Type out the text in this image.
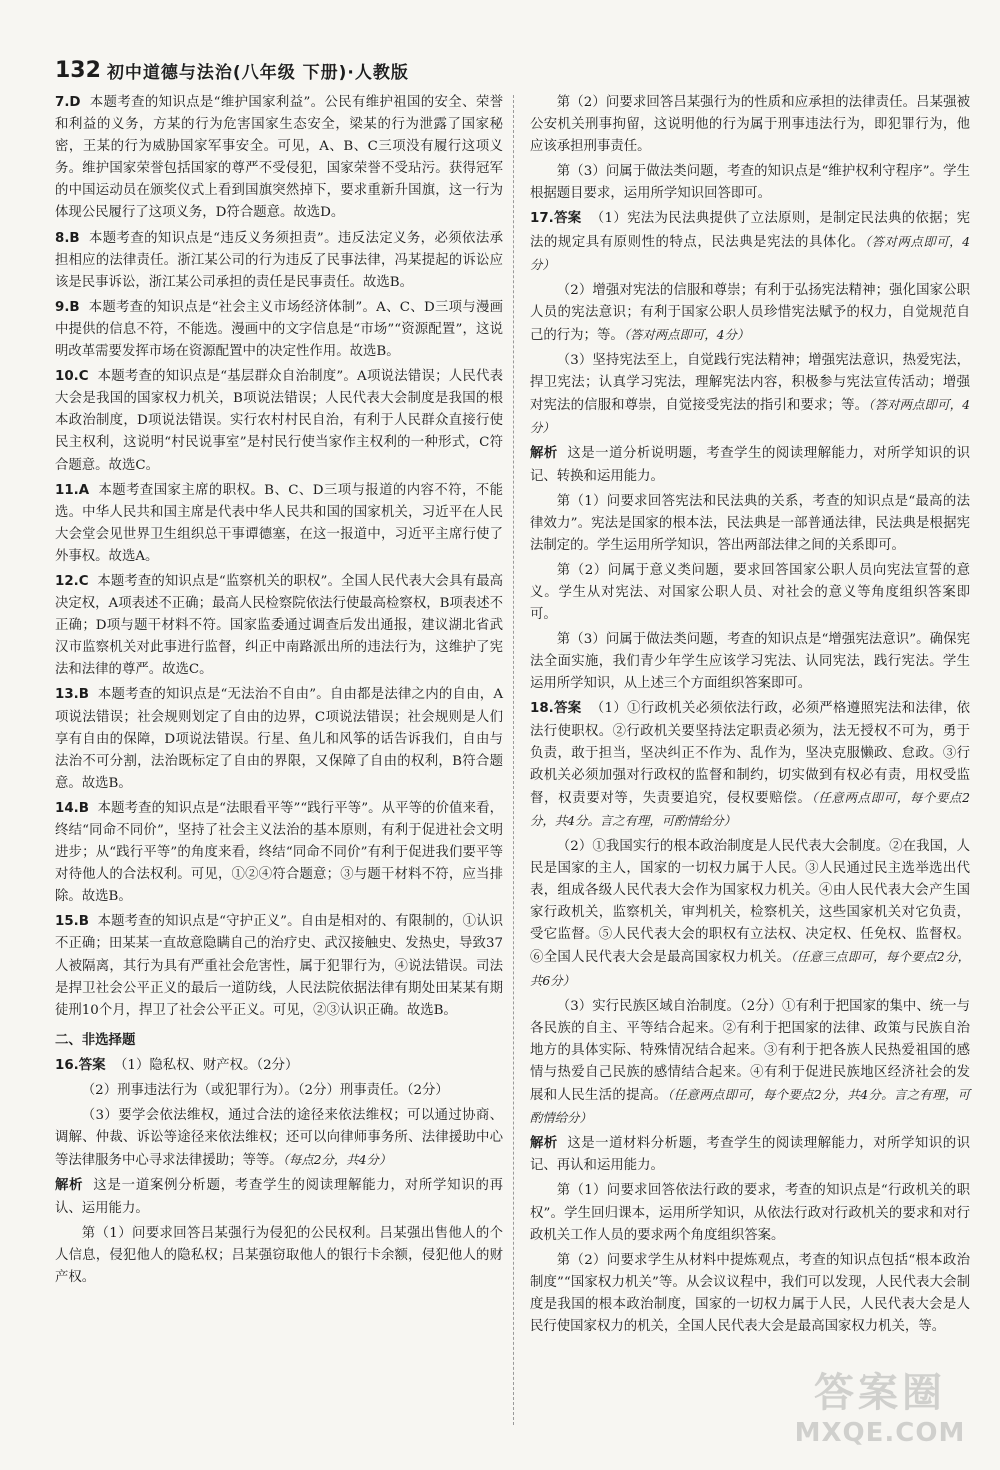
132 初中道德与法治(八年级 下册)·人教版

7.D 本题考查的知识点是“维护国家利益”。公民有维护祖国的安全、荣誉和利益的义务，方某的行为危害国家生态安全，梁某的行为泄露了国家秘密，王某的行为威胁国家军事安全。可见，A、B、C三项没有履行这项义务。维护国家荣誉包括国家的尊严不受侵犯，国家荣誉不受玷污。获得冠军的中国运动员在颁奖仪式上看到国旗突然掉下，要求重新升国旗，这一行为体现公民履行了这项义务，D符合题意。故选D。

8.B 本题考查的知识点是“违反义务须担责”。违反法定义务，必须依法承担相应的法律责任。浙江某公司的行为违反了民事法律，冯某提起的诉讼应该是民事诉讼，浙江某公司承担的责任是民事责任。故选B。

9.B 本题考查的知识点是“社会主义市场经济体制”。A、C、D三项与漫画中提供的信息不符，不能选。漫画中的文字信息是“市场”“资源配置”，这说明改革需要发挥市场在资源配置中的决定性作用。故选B。

10.C 本题考查的知识点是“基层群众自治制度”。A项说法错误；人民代表大会是我国的国家权力机关，B项说法错误；人民代表大会制度是我国的根本政治制度，D项说法错误。实行农村村民自治，有利于人民群众直接行使民主权利，这说明“村民说事室”是村民行使当家作主权利的一种形式，C符合题意。故选C。

11.A 本题考查国家主席的职权。B、C、D三项与报道的内容不符，不能选。中华人民共和国主席是代表中华人民共和国的国家机关，习近平在人民大会堂会见世界卫生组织总干事谭德塞，在这一报道中，习近平主席行使了外事权。故选A。

12.C 本题考查的知识点是“监察机关的职权”。全国人民代表大会具有最高决定权，A项表述不正确；最高人民检察院依法行使最高检察权，B项表述不正确；D项与题干材料不符。国家监委通过调查后发出通报，建议湖北省武汉市监察机关对此事进行监督，纠正中南路派出所的违法行为，这维护了宪法和法律的尊严。故选C。

13.B 本题考查的知识点是“无法治不自由”。自由都是法律之内的自由，A项说法错误；社会规则划定了自由的边界，C项说法错误；社会规则是人们享有自由的保障，D项说法错误。行星、鱼儿和风筝的话告诉我们，自由与法治不可分割，法治既标定了自由的界限，又保障了自由的权利，B符合题意。故选B。

14.B 本题考查的知识点是“法眼看平等”“践行平等”。从平等的价值来看，终结“同命不同价”，坚持了社会主义法治的基本原则，有利于促进社会文明进步；从“践行平等”的角度来看，终结“同命不同价”有利于促进我们要平等对待他人的合法权利。可见，①②④符合题意；③与题干材料不符，应当排除。故选B。

15.B 本题考查的知识点是“守护正义”。自由是相对的、有限制的，①认识不正确；田某某一直故意隐瞒自己的治疗史、武汉接触史、发热史，导致37人被隔离，其行为具有严重社会危害性，属于犯罪行为，④说法错误。司法是捍卫社会公平正义的最后一道防线，人民法院依据法律有期处田某某有期徒刑10个月，捍卫了社会公平正义。可见，②③认识正确。故选B。

二、非选择题

16.答案 （1）隐私权、财产权。（2分）

（2）刑事违法行为（或犯罪行为）。（2分）刑事责任。（2分）

（3）要学会依法维权，通过合法的途径来依法维权；可以通过协商、调解、仲裁、诉讼等途径来依法维权；还可以向律师事务所、法律援助中心等法律服务中心寻求法律援助；等等。（每点2分，共4分）

解析 这是一道案例分析题，考查学生的阅读理解能力，对所学知识的再认、运用能力。

第（1）问要求回答吕某强行为侵犯的公民权利。吕某强出售他人的个人信息，侵犯他人的隐私权；吕某强窃取他人的银行卡余额，侵犯他人的财产权。

第（2）问要求回答吕某强行为的性质和应承担的法律责任。吕某强被公安机关刑事拘留，这说明他的行为属于刑事违法行为，即犯罪行为，他应该承担刑事责任。

第（3）问属于做法类问题，考查的知识点是“维护权利守程序”。学生根据题目要求，运用所学知识回答即可。

17.答案 （1）宪法为民法典提供了立法原则，是制定民法典的依据；宪法的规定具有原则性的特点，民法典是宪法的具体化。（答对两点即可，4分）

（2）增强对宪法的信服和尊崇；有利于弘扬宪法精神；强化国家公职人员的宪法意识；有利于国家公职人员珍惜宪法赋予的权力，自觉规范自己的行为；等。（答对两点即可，4分）

（3）坚持宪法至上，自觉践行宪法精神；增强宪法意识，热爱宪法，捍卫宪法；认真学习宪法，理解宪法内容，积极参与宪法宣传活动；增强对宪法的信服和尊崇，自觉接受宪法的指引和要求；等。（答对两点即可，4分）

解析 这是一道分析说明题，考查学生的阅读理解能力，对所学知识的识记、转换和运用能力。

第（1）问要求回答宪法和民法典的关系，考查的知识点是“最高的法律效力”。宪法是国家的根本法，民法典是一部普通法律，民法典是根据宪法制定的。学生运用所学知识，答出两部法律之间的关系即可。

第（2）问属于意义类问题，要求回答国家公职人员向宪法宣誓的意义。学生从对宪法、对国家公职人员、对社会的意义等角度组织答案即可。

第（3）问属于做法类问题，考查的知识点是“增强宪法意识”。确保宪法全面实施，我们青少年学生应该学习宪法、认同宪法，践行宪法。学生运用所学知识，从上述三个方面组织答案即可。

18.答案 （1）①行政机关必须依法行政，必须严格遵照宪法和法律，依法行使职权。②行政机关要坚持法定职责必须为，法无授权不可为，勇于负责，敢于担当，坚决纠正不作为、乱作为，坚决克服懒政、怠政。③行政机关必须加强对行政权的监督和制约，切实做到有权必有责，用权受监督，权责要对等，失责要追究，侵权要赔偿。（任意两点即可，每个要点2分，共4分。言之有理，可酌情给分）

（2）①我国实行的根本政治制度是人民代表大会制度。②在我国，人民是国家的主人，国家的一切权力属于人民。③人民通过民主选举选出代表，组成各级人民代表大会作为国家权力机关。④由人民代表大会产生国家行政机关，监察机关，审判机关，检察机关，这些国家机关对它负责，受它监督。⑤人民代表大会的职权有立法权、决定权、任免权、监督权。⑥全国人民代表大会是最高国家权力机关。（任意三点即可，每个要点2分，共6分）

（3）实行民族区域自治制度。（2分）①有利于把国家的集中、统一与各民族的自主、平等结合起来。②有利于把国家的法律、政策与民族自治地方的具体实际、特殊情况结合起来。③有利于把各族人民热爱祖国的感情与热爱自己民族的感情结合起来。④有利于促进民族地区经济社会的发展和人民生活的提高。（任意两点即可，每个要点2分，共4分。言之有理，可酌情给分）

解析 这是一道材料分析题，考查学生的阅读理解能力，对所学知识的识记、再认和运用能力。

第（1）问要求回答依法行政的要求，考查的知识点是“行政机关的职权”。学生回归课本，运用所学知识，从依法行政对行政机关的要求和对行政机关工作人员的要求两个角度组织答案。

第（2）问要求学生从材料中提炼观点，考查的知识点包括“根本政治制度”“国家权力机关”等。从会议议程中，我们可以发现，人民代表大会制度是我国的根本政治制度，国家的一切权力属于人民，人民代表大会是人民行使国家权力的机关，全国人民代表大会是最高国家权力机关，等。

答案圈
MXQE.COM
